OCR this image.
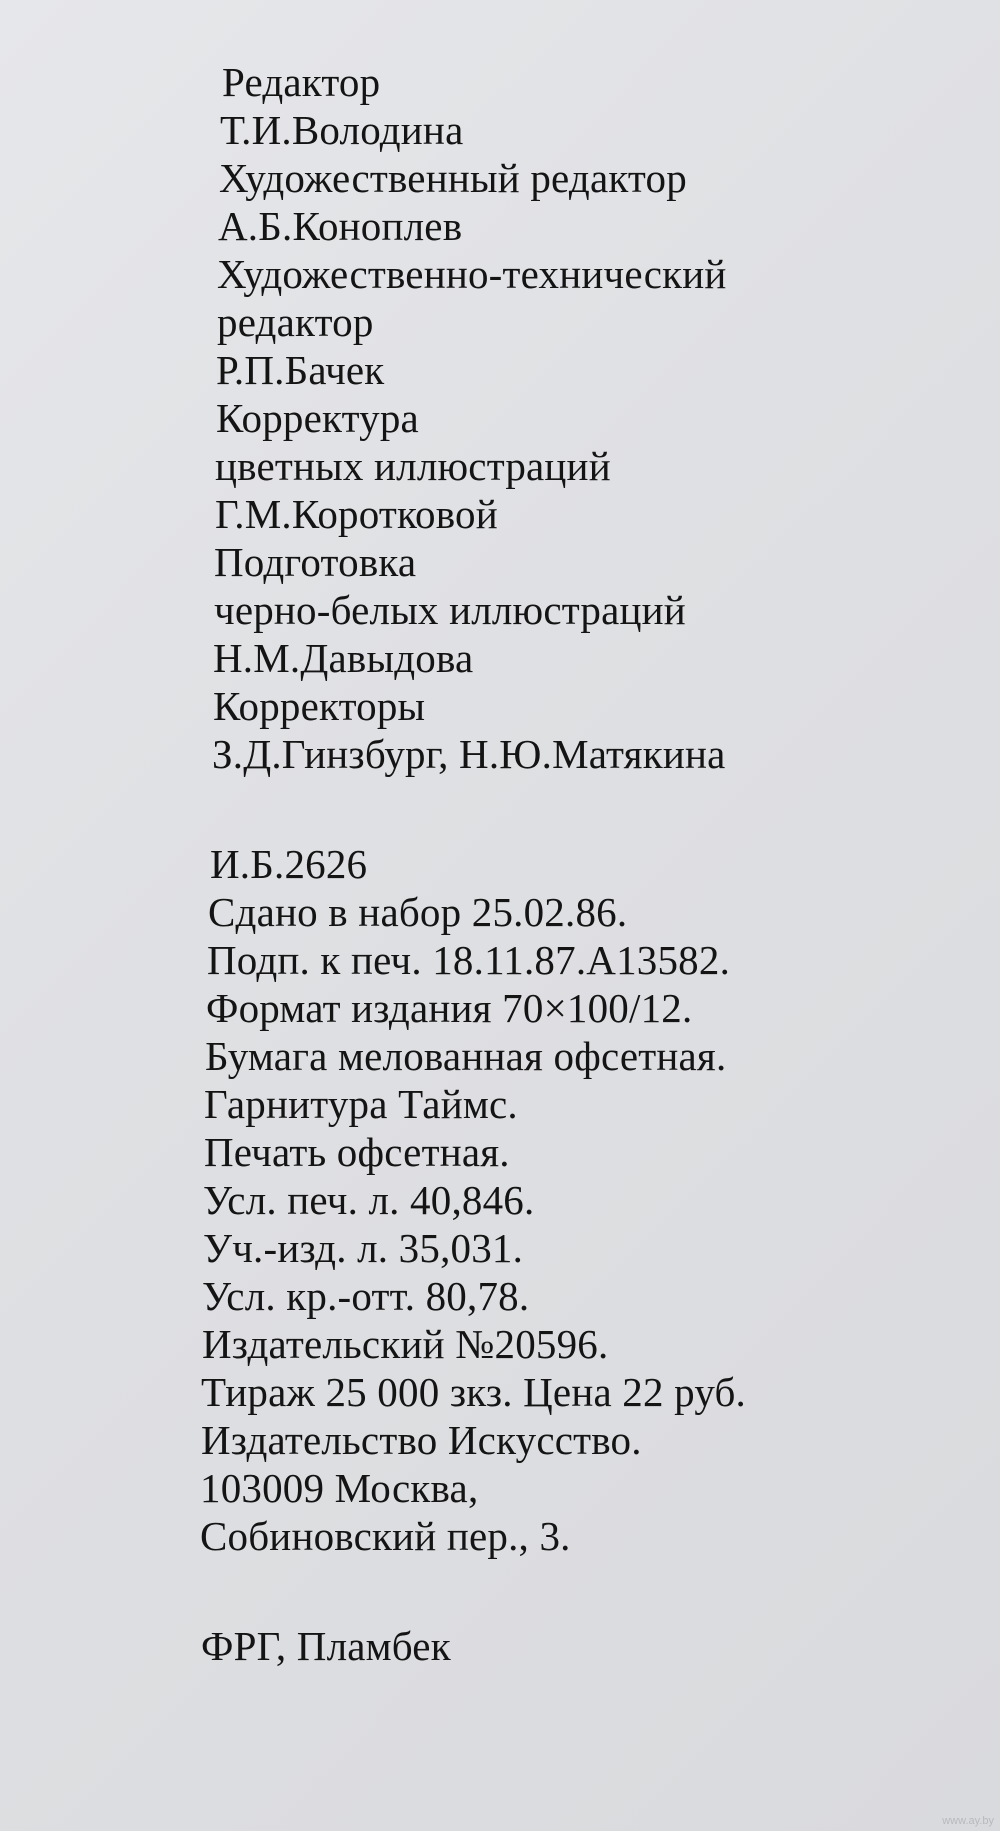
Редактор
Т.И.Володина
Художественный редактор
А.Б.Коноплев
Художественно-технический
редактор
Р.П.Бачек
Корректура
цветных иллюстраций
Г.М.Коротковой
Подготовка
черно-белых иллюстраций
Н.М.Давыдова
Корректоры
З.Д.Гинзбург, Н.Ю.Матякина
И.Б.2626
Сдано в набор 25.02.86.
Подп. к печ. 18.11.87.А13582.
Формат издания 70×100/12.
Бумага мелованная офсетная.
Гарнитура Таймс.
Печать офсетная.
Усл. печ. л. 40,846.
Уч.-изд. л. 35,031.
Усл. кр.-отт. 80,78.
Издательский №20596.
Тираж 25 000 зкз. Цена 22 руб.
Издательство Искусство.
103009 Москва,
Собиновский пер., 3.
ФРГ, Пламбек
www.ay.by
